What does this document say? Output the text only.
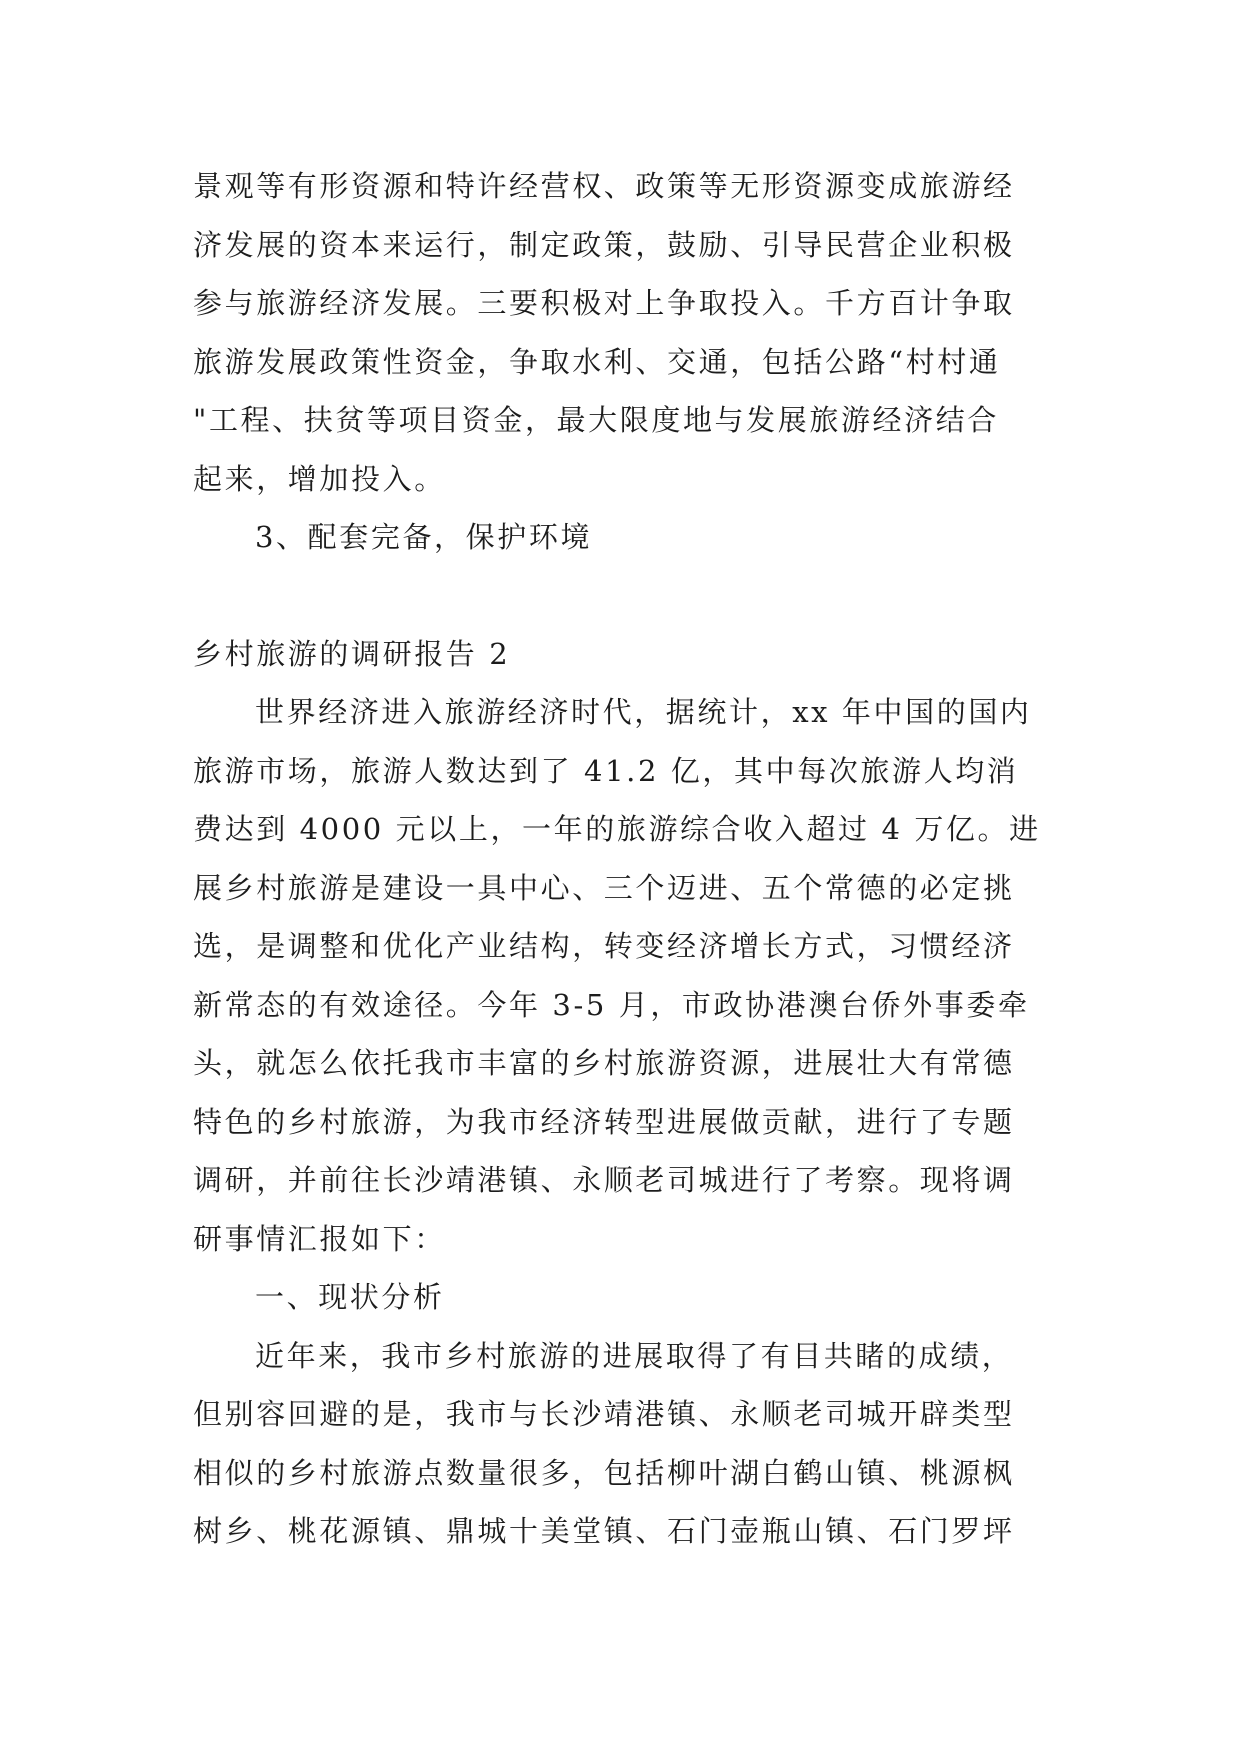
景观等有形资源和特许经营权、政策等无形资源变成旅游经
济发展的资本来运行，制定政策，鼓励、引导民营企业积极
参与旅游经济发展。三要积极对上争取投入。千方百计争取
旅游发展政策性资金，争取水利、交通，包括公路“村村通
"工程、扶贫等项目资金，最大限度地与发展旅游经济结合
起来，增加投入。
3、配套完备，保护环境
乡村旅游的调研报告 2
世界经济进入旅游经济时代，据统计，xx 年中国的国内
旅游市场，旅游人数达到了 41.2 亿，其中每次旅游人均消
费达到 4000 元以上，一年的旅游综合收入超过 4 万亿。进
展乡村旅游是建设一具中心、三个迈进、五个常德的必定挑
选，是调整和优化产业结构，转变经济增长方式，习惯经济
新常态的有效途径。今年 3-5 月，市政协港澳台侨外事委牵
头，就怎么依托我市丰富的乡村旅游资源，进展壮大有常德
特色的乡村旅游，为我市经济转型进展做贡献，进行了专题
调研，并前往长沙靖港镇、永顺老司城进行了考察。现将调
研事情汇报如下：
一、现状分析
近年来，我市乡村旅游的进展取得了有目共睹的成绩，
但别容回避的是，我市与长沙靖港镇、永顺老司城开辟类型
相似的乡村旅游点数量很多，包括柳叶湖白鹤山镇、桃源枫
树乡、桃花源镇、鼎城十美堂镇、石门壶瓶山镇、石门罗坪
